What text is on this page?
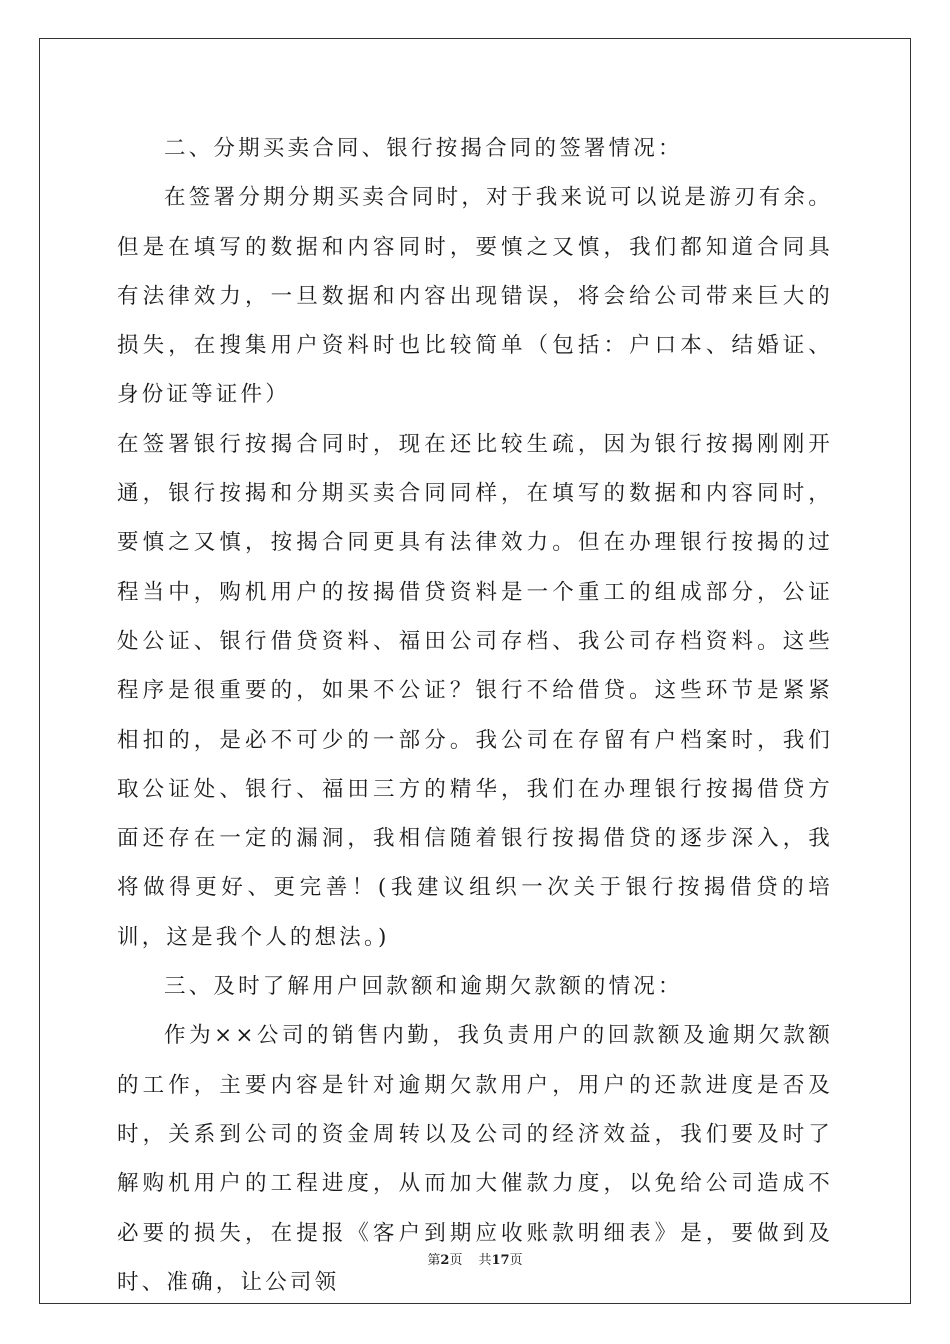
二、分期买卖合同、银行按揭合同的签署情况：

在签署分期分期买卖合同时，对于我来说可以说是游刃有余。但是在填写的数据和内容同时，要慎之又慎，我们都知道合同具有法律效力，一旦数据和内容出现错误，将会给公司带来巨大的损失，在搜集用户资料时也比较简单（包括：户口本、结婚证、身份证等证件）

在签署银行按揭合同时，现在还比较生疏，因为银行按揭刚刚开通，银行按揭和分期买卖合同同样，在填写的数据和内容同时，要慎之又慎，按揭合同更具有法律效力。但在办理银行按揭的过程当中，购机用户的按揭借贷资料是一个重工的组成部分，公证处公证、银行借贷资料、福田公司存档、我公司存档资料。这些程序是很重要的，如果不公证？银行不给借贷。这些环节是紧紧相扣的，是必不可少的一部分。我公司在存留有户档案时，我们取公证处、银行、福田三方的精华，我们在办理银行按揭借贷方面还存在一定的漏洞，我相信随着银行按揭借贷的逐步深入，我将做得更好、更完善！(我建议组织一次关于银行按揭借贷的培训，这是我个人的想法。)

三、及时了解用户回款额和逾期欠款额的情况：

作为××公司的销售内勤，我负责用户的回款额及逾期欠款额的工作，主要内容是针对逾期欠款用户，用户的还款进度是否及时，关系到公司的资金周转以及公司的经济效益，我们要及时了解购机用户的工程进度，从而加大催款力度，以免给公司造成不必要的损失，在提报《客户到期应收账款明细表》是，要做到及时、准确，让公司领

第2页 共17页
